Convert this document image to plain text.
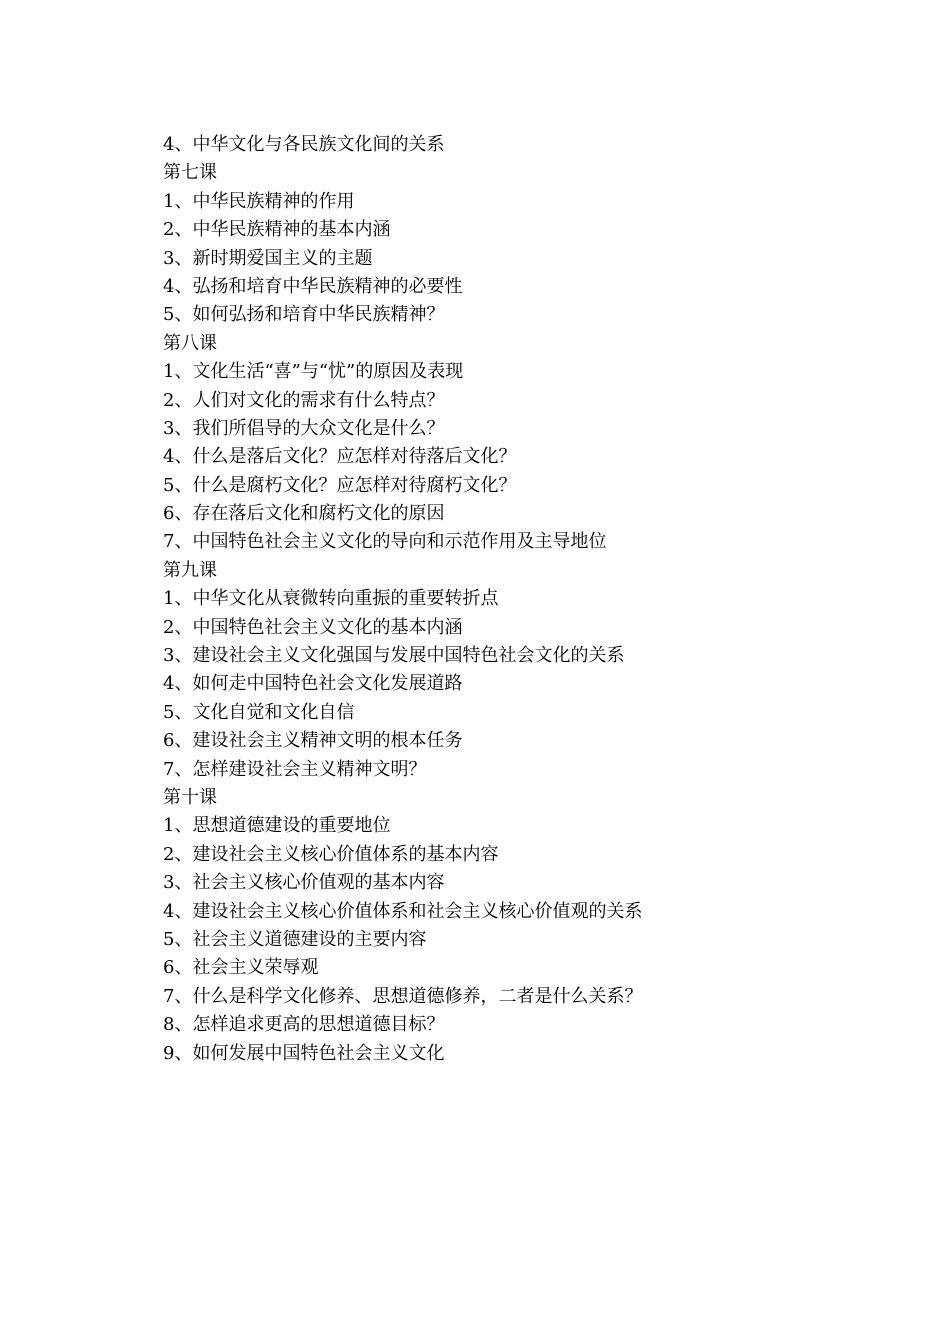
4、中华文化与各民族文化间的关系
第七课
1、中华民族精神的作用
2、中华民族精神的基本内涵
3、新时期爱国主义的主题
4、弘扬和培育中华民族精神的必要性
5、如何弘扬和培育中华民族精神？
第八课
1、文化生活“喜”与“忧”的原因及表现
2、人们对文化的需求有什么特点？
3、我们所倡导的大众文化是什么？
4、什么是落后文化？应怎样对待落后文化？
5、什么是腐朽文化？应怎样对待腐朽文化？
6、存在落后文化和腐朽文化的原因
7、中国特色社会主义文化的导向和示范作用及主导地位
第九课
1、中华文化从衰微转向重振的重要转折点
2、中国特色社会主义文化的基本内涵
3、建设社会主义文化强国与发展中国特色社会文化的关系
4、如何走中国特色社会文化发展道路
5、文化自觉和文化自信
6、建设社会主义精神文明的根本任务
7、怎样建设社会主义精神文明？
第十课
1、思想道德建设的重要地位
2、建设社会主义核心价值体系的基本内容
3、社会主义核心价值观的基本内容
4、建设社会主义核心价值体系和社会主义核心价值观的关系
5、社会主义道德建设的主要内容
6、社会主义荣辱观
7、什么是科学文化修养、思想道德修养，二者是什么关系？
8、怎样追求更高的思想道德目标？
9、如何发展中国特色社会主义文化
